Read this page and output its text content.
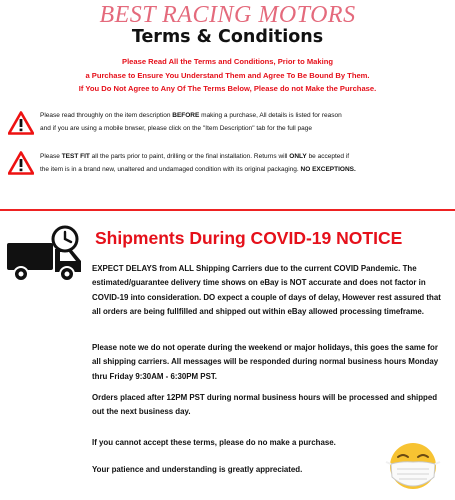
BEST RACING MOTORS
Terms & Conditions
Please Read All the Terms and Conditions, Prior to Making
a Purchase to Ensure You Understand Them and Agree To Be Bound By Them.
If You Do Not Agree to Any Of The Terms Below, Please do not Make the Purchase.
Please read throughly on the item description BEFORE making a purchase, All details is listed for reason
and if you are using a mobile brwser, please click on the "Item Description" tab for the full page
Please TEST FIT all the parts prior to paint, drilling or the final installation. Returns will ONLY be accepted if
the item is in a brand new, unaltered and undamaged condition with its original packaging. NO EXCEPTIONS.
Shipments During COVID-19 NOTICE

EXPECT DELAYS from ALL Shipping Carriers due to the current COVID Pandemic. The estimated/guarantee delivery time shows on eBay is NOT accurate and does not factor in COVID-19 into consideration. DO expect a couple of days of delay, However rest assured that all orders are being fullfilled and shipped out within eBay allowed processing timeframe.

Please note we do not operate during the weekend or major holidays, this goes the same for all shipping carriers. All messages will be responded during normal business hours Monday thru Friday 9:30AM - 6:30PM PST.

Orders placed after 12PM PST during normal business hours will be processed and shipped out the next business day.

If you cannot accept these terms, please do no make a purchase.

Your patience and understanding is greatly appreciated.
